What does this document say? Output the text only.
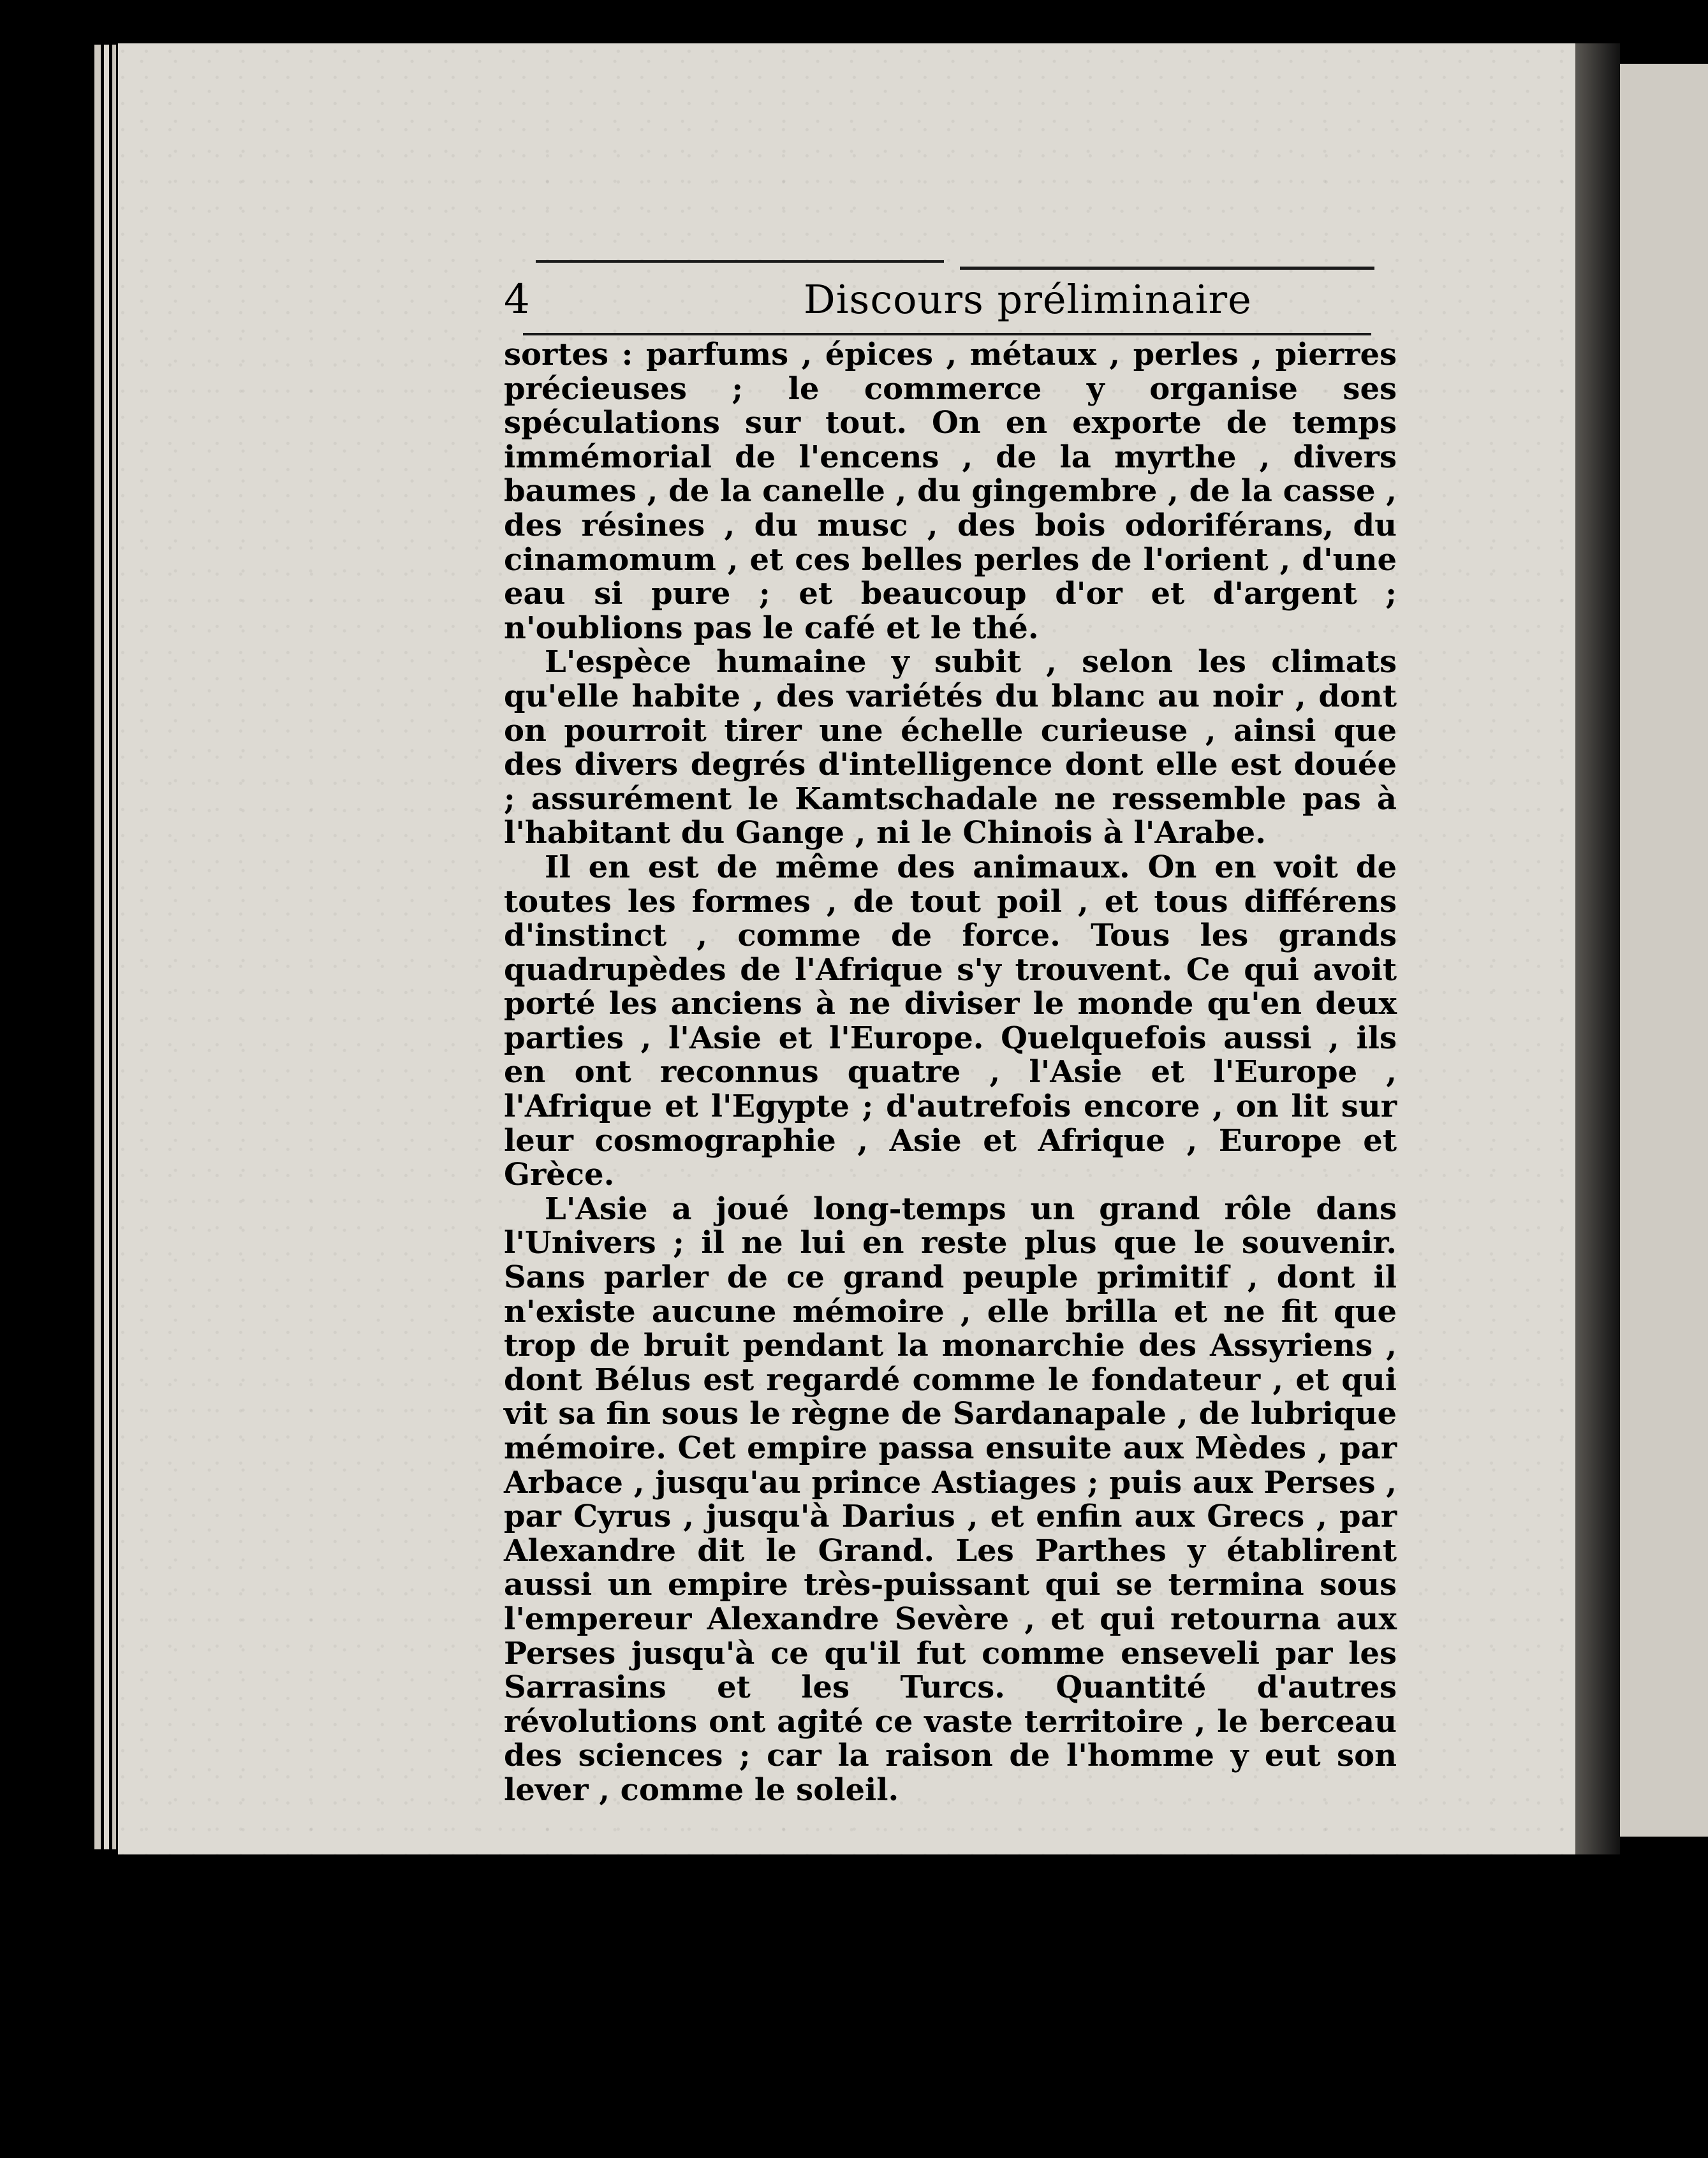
4	Discours préliminaire

sortes : parfums , épices , métaux , perles , pierres précieuses ; le commerce y organise ses spéculations sur tout. On en exporte de temps immémorial de l'encens , de la myrthe , divers baumes , de la canelle , du gingembre , de la casse , des résines , du musc , des bois odoriférans, du cinamomum , et ces belles perles de l'orient , d'une eau si pure ; et beaucoup d'or et d'argent ; n'oublions pas le café et le thé.

L'espèce humaine y subit , selon les climats qu'elle habite , des variétés du blanc au noir , dont on pourroit tirer une échelle curieuse , ainsi que des divers degrés d'intelligence dont elle est douée ; assurément le Kamtschadale ne ressemble pas à l'habitant du Gange , ni le Chinois à l'Arabe.

Il en est de même des animaux. On en voit de toutes les formes , de tout poil , et tous différens d'instinct , comme de force. Tous les grands quadrupèdes de l'Afrique s'y trouvent. Ce qui avoit porté les anciens à ne diviser le monde qu'en deux parties , l'Asie et l'Europe. Quelquefois aussi , ils en ont reconnus quatre , l'Asie et l'Europe , l'Afrique et l'Egypte ; d'autrefois encore , on lit sur leur cosmographie , Asie et Afrique , Europe et Grèce.

L'Asie a joué long-temps un grand rôle dans l'Univers ; il ne lui en reste plus que le souvenir. Sans parler de ce grand peuple primitif , dont il n'existe aucune mémoire , elle brilla et ne fit que trop de bruit pendant la monarchie des Assyriens , dont Bélus est regardé comme le fondateur , et qui vit sa fin sous le règne de Sardanapale , de lubrique mémoire. Cet empire passa ensuite aux Mèdes , par Arbace , jusqu'au prince Astiages ; puis aux Perses , par Cyrus , jusqu'à Darius , et enfin aux Grecs , par Alexandre dit le Grand. Les Parthes y établirent aussi un empire très-puissant qui se termina sous l'empereur Alexandre Sevère , et qui retourna aux Perses jusqu'à ce qu'il fut comme enseveli par les Sarrasins et les Turcs. Quantité d'autres révolutions ont agité ce vaste territoire , le berceau des sciences ; car la raison de l'homme y eut son lever , comme le soleil.
